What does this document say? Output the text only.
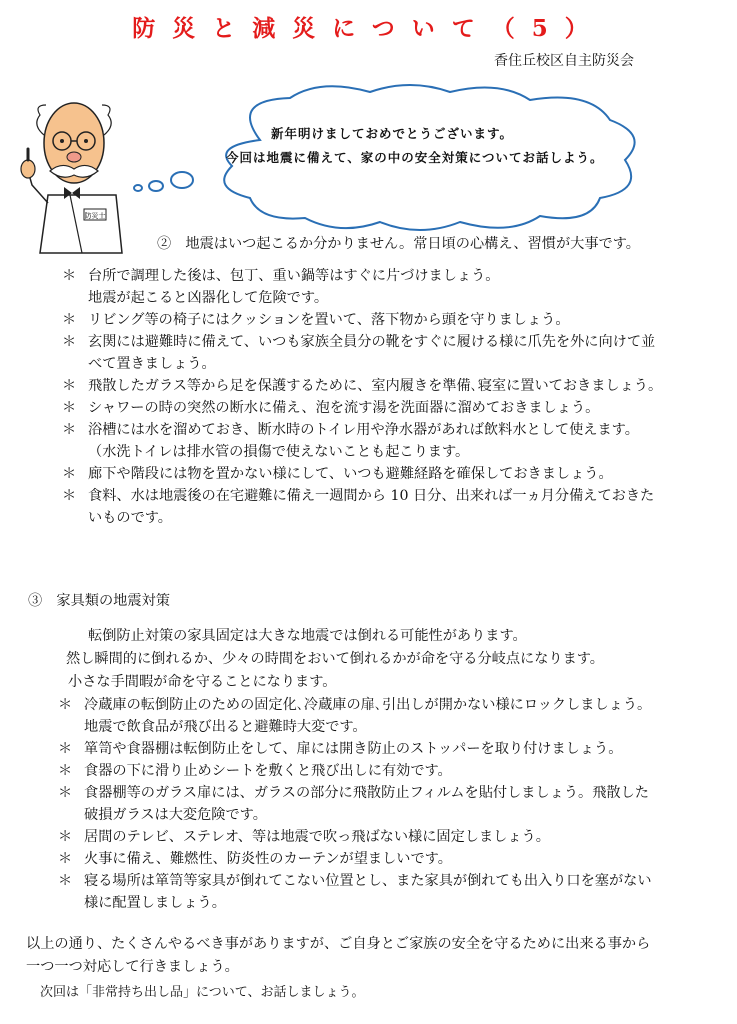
防災と減災について（5）
香住丘校区自主防災会
防災士
新年明けましておめでとうございます。
今回は地震に備えて、家の中の安全対策についてお話しよう。
②　地震はいつ起こるか分かりません。常日頃の心構え、習慣が大事です。
＊ 台所で調理した後は、包丁、重い鍋等はすぐに片づけましょう。
地震が起こると凶器化して危険です。
＊ リビング等の椅子にはクッションを置いて、落下物から頭を守りましょう。
＊ 玄関には避難時に備えて、いつも家族全員分の靴をすぐに履ける様に爪先を外に向けて並
べて置きましょう。
＊ 飛散したガラス等から足を保護するために、室内履きを準備､寝室に置いておきましょう。
＊ シャワーの時の突然の断水に備え、泡を流す湯を洗面器に溜めておきましょう。
＊ 浴槽には水を溜めておき、断水時のトイレ用や浄水器があれば飲料水として使えます。
（水洗トイレは排水管の損傷で使えないことも起こります。
＊ 廊下や階段には物を置かない様にして、いつも避難経路を確保しておきましょう。
＊ 食料、水は地震後の在宅避難に備え一週間から 10 日分、出来れば一ヵ月分備えておきた
いものです。
③　家具類の地震対策
転倒防止対策の家具固定は大きな地震では倒れる可能性があります。
然し瞬間的に倒れるか、少々の時間をおいて倒れるかが命を守る分岐点になります。
小さな手間暇が命を守ることになります。
＊ 冷蔵庫の転倒防止のための固定化､冷蔵庫の扉､引出しが開かない様にロックしましょう。
地震で飲食品が飛び出ると避難時大変です。
＊ 箪笥や食器棚は転倒防止をして、扉には開き防止のストッパーを取り付けましょう。
＊ 食器の下に滑り止めシートを敷くと飛び出しに有効です。
＊ 食器棚等のガラス扉には、ガラスの部分に飛散防止フィルムを貼付しましょう。飛散した
破損ガラスは大変危険です。
＊ 居間のテレビ、ステレオ、等は地震で吹っ飛ばない様に固定しましょう。
＊ 火事に備え、難燃性、防炎性のカーテンが望ましいです。
＊ 寝る場所は箪笥等家具が倒れてこない位置とし、また家具が倒れても出入り口を塞がない
様に配置しましょう。
以上の通り、たくさんやるべき事がありますが、ご自身とご家族の安全を守るために出来る事から
一つ一つ対応して行きましょう。
次回は「非常持ち出し品」について、お話しましょう。
